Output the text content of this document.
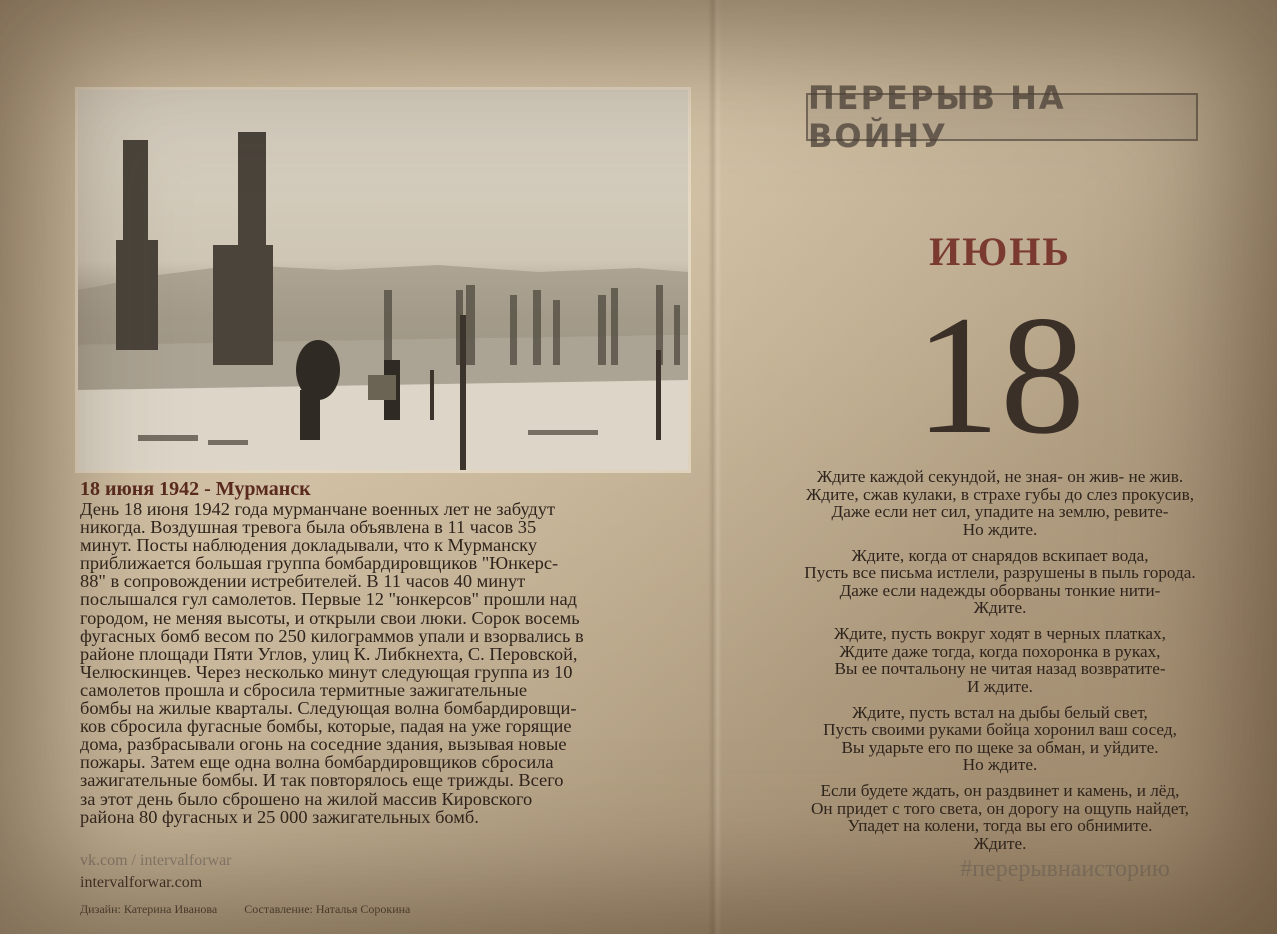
18 июня 1942 - Мурманск
День 18 июня 1942 года мурманчане военных лет не забудут
никогда. Воздушная тревога была объявлена в 11 часов 35
минут. Посты наблюдения докладывали, что к Мурманску
приближается большая группа бомбардировщиков "Юнкерс-
88" в сопровождении истребителей. В 11 часов 40 минут
послышался гул самолетов. Первые 12 "юнкерсов" прошли над
городом, не меняя высоты, и открыли свои люки. Сорок восемь
фугасных бомб весом по 250 килограммов упали и взорвались в
районе площади Пяти Углов, улиц К. Либкнехта, С. Перовской,
Челюскинцев. Через несколько минут следующая группа из 10
самолетов прошла и сбросила термитные зажигательные
бомбы на жилые кварталы. Следующая волна бомбардировщи-
ков сбросила фугасные бомбы, которые, падая на уже горящие
дома, разбрасывали огонь на соседние здания, вызывая новые
пожары. Затем еще одна волна бомбардировщиков сбросила
зажигательные бомбы. И так повторялось еще трижды. Всего
за этот день было сброшено на жилой массив Кировского
района 80 фугасных и 25 000 зажигательных бомб.
vk.com / intervalforwar
intervalforwar.com
Дизайн: Катерина Иванова Составление: Наталья Сорокина
ПЕРЕРЫВ НА ВОЙНУ
ИЮНЬ
18
Ждите каждой секундой, не зная- он жив- не жив.
Ждите, сжав кулаки, в страхе губы до слез прокусив,
Даже если нет сил, упадите на землю, ревите-
Но ждите.
Ждите, когда от снарядов вскипает вода,
Пусть все письма истлели, разрушены в пыль города.
Даже если надежды оборваны тонкие нити-
Ждите.
Ждите, пусть вокруг ходят в черных платках,
Ждите даже тогда, когда похоронка в руках,
Вы ее почтальону не читая назад возвратите-
И ждите.
Ждите, пусть встал на дыбы белый свет,
Пусть своими руками бойца хоронил ваш сосед,
Вы ударьте его по щеке за обман, и уйдите.
Но ждите.
Если будете ждать, он раздвинет и камень, и лёд,
Он придет с того света, он дорогу на ощупь найдет,
Упадет на колени, тогда вы его обнимите.
Ждите.
#перерывнаисторию
